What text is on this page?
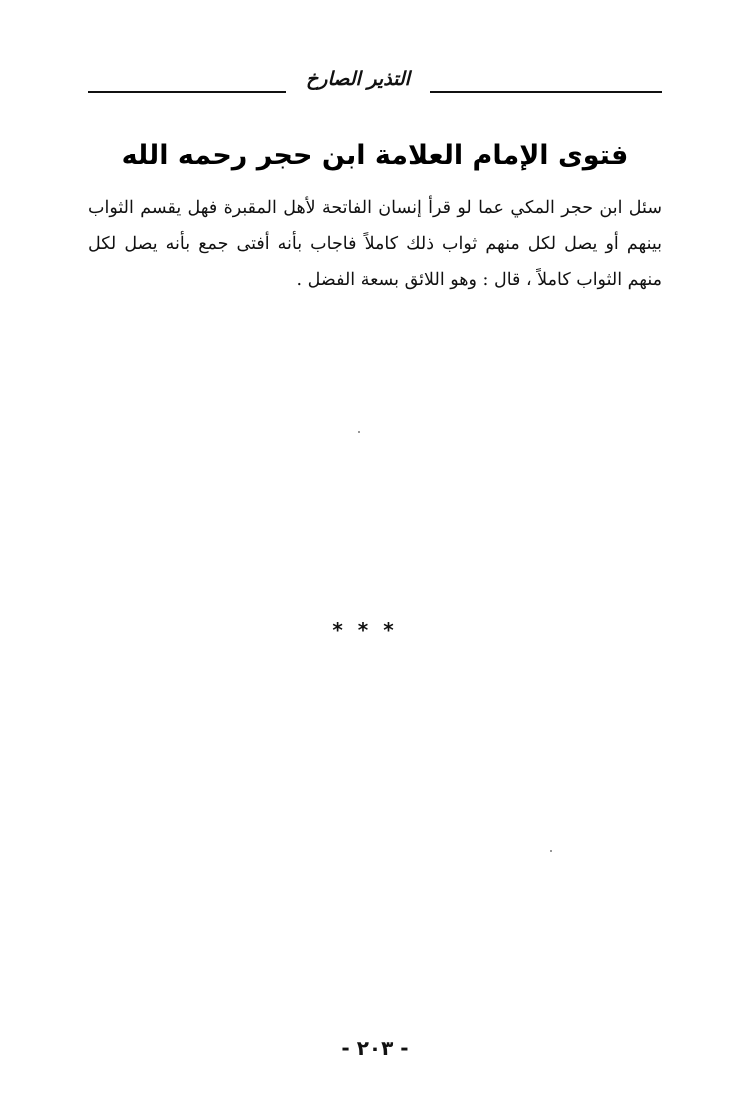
التذير الصارخ
فتوى الإمام العلامة ابن حجر رحمه الله
سئل ابن حجر المكي عما لو قرأ إنسان الفاتحة لأهل المقبرة فهل يقسم الثواب
بينهم أو يصل لكل منهم ثواب ذلك كاملاً فاجاب بأنه أفتى جمع بأنه يصل لكل
منهم الثواب كاملاً ، قال : وهو اللائق بسعة الفضل .
* * *
- ٢٠٣ -
